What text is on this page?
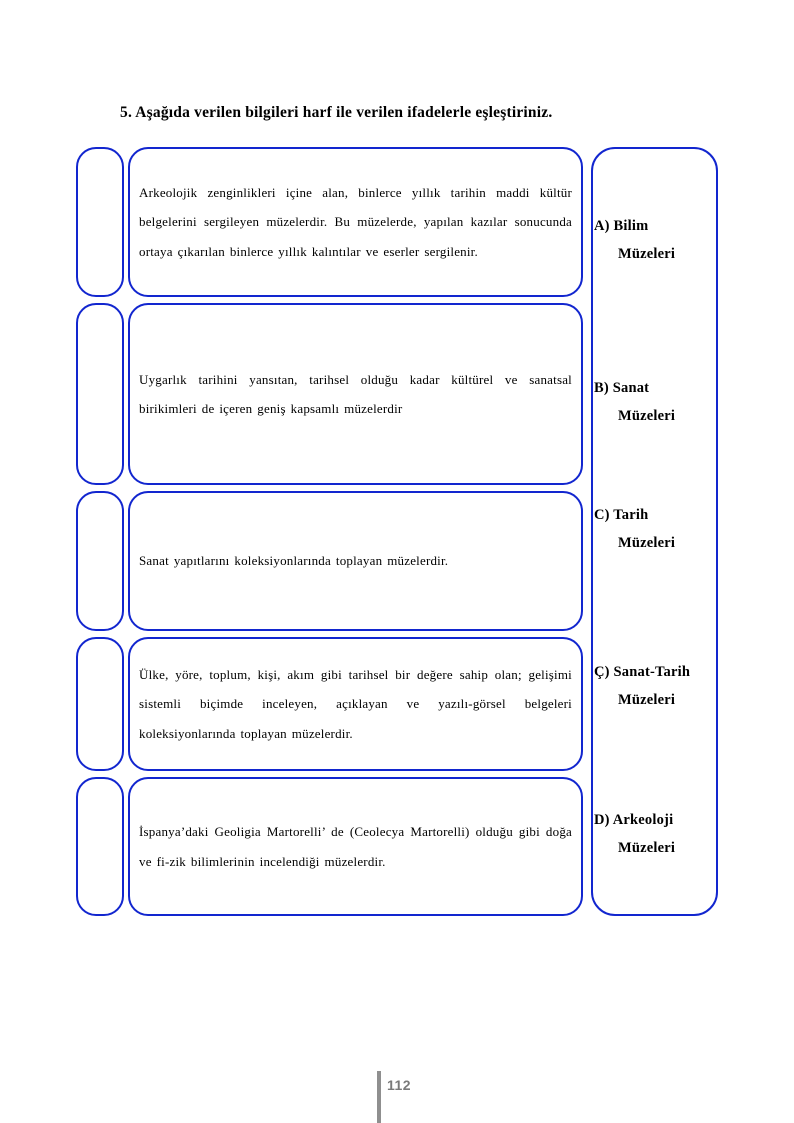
5. Aşağıda verilen bilgileri harf ile verilen ifadelerle eşleştiriniz.

Arkeolojik zenginlikleri içine alan, binlerce yıllık tarihin maddi kültür belgelerini sergileyen müzelerdir. Bu müzelerde, yapılan kazılar sonucunda ortaya çıkarılan binlerce yıllık kalıntılar ve eserler sergilenir.

Uygarlık tarihini yansıtan, tarihsel olduğu kadar kültürel ve sanatsal birikimleri de içeren geniş kapsamlı müzelerdir

Sanat yapıtlarını koleksiyonlarında toplayan müzelerdir.

Ülke, yöre, toplum, kişi, akım gibi tarihsel bir değere sahip olan; gelişimi sistemli biçimde inceleyen, açıklayan ve yazılı-görsel belgeleri koleksiyonlarında toplayan müzelerdir.

İspanya’daki Geoligia Martorelli’ de (Ceolecya Martorelli) olduğu gibi doğa ve fi-zik bilimlerinin incelendiği müzelerdir.

A) Bilim
Müzeleri
B) Sanat
Müzeleri
C) Tarih
Müzeleri
Ç) Sanat-Tarih
Müzeleri
D) Arkeoloji
Müzeleri
112
